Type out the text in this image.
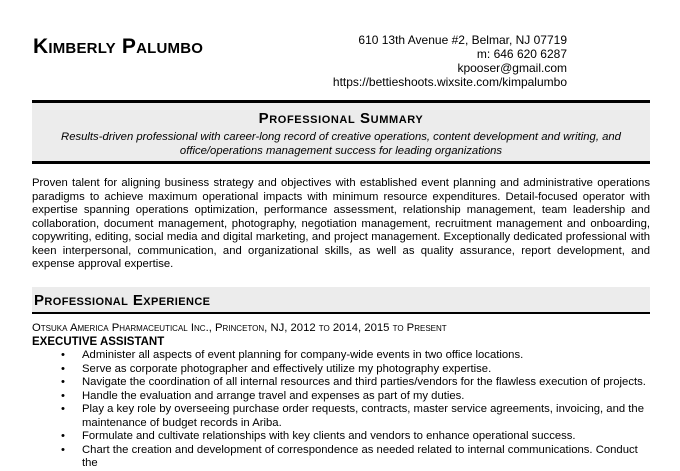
Kimberly Palumbo	610 13th Avenue #2, Belmar, NJ 07719
m: 646 620 6287
kpooser@gmail.com
https://bettieshoots.wixsite.com/kimpalumbo
Professional Summary
Results-driven professional with career-long record of creative operations, content development and writing, and office/operations management success for leading organizations
Proven talent for aligning business strategy and objectives with established event planning and administrative operations paradigms to achieve maximum operational impacts with minimum resource expenditures. Detail-focused operator with expertise spanning operations optimization, performance assessment, relationship management, team leadership and collaboration, document management, photography, negotiation management, recruitment management and onboarding, copywriting, editing, social media and digital marketing, and project management. Exceptionally dedicated professional with keen interpersonal, communication, and organizational skills, as well as quality assurance, report development, and expense approval expertise.
Professional Experience
Otsuka America Pharmaceutical Inc., Princeton, NJ, 2012 to 2014, 2015 to Present
EXECUTIVE ASSISTANT
• Administer all aspects of event planning for company-wide events in two office locations.
• Serve as corporate photographer and effectively utilize my photography expertise.
• Navigate the coordination of all internal resources and third parties/vendors for the flawless execution of projects.
• Handle the evaluation and arrange travel and expenses as part of my duties.
• Play a key role by overseeing purchase order requests, contracts, master service agreements, invoicing, and the maintenance of budget records in Ariba.
• Formulate and cultivate relationships with key clients and vendors to enhance operational success.
• Chart the creation and development of correspondence as needed related to internal communications. Conduct the
